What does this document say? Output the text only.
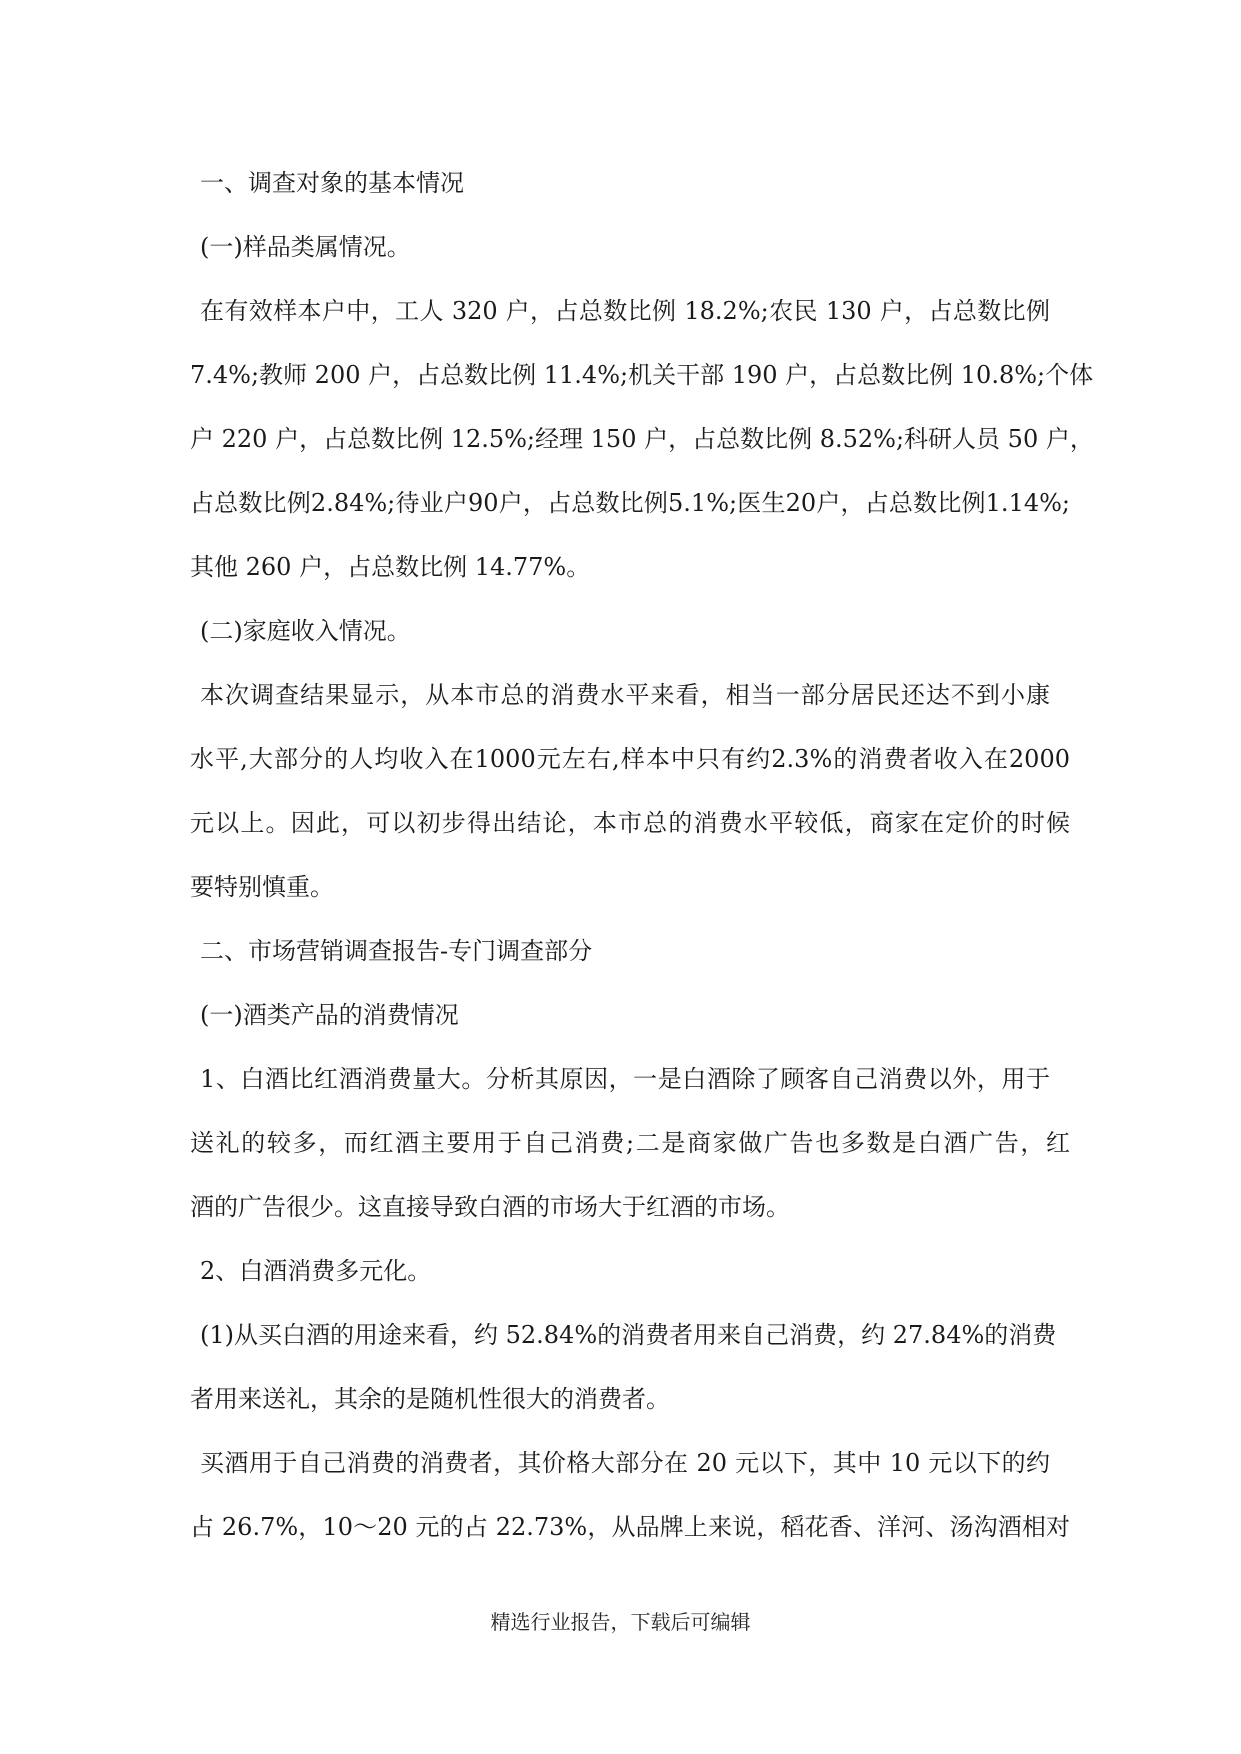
一、调查对象的基本情况
(一)样品类属情况。
在有效样本户中，工人 320 户，占总数比例 18.2%;农民 130 户，占总数比例
7.4%;教师 200 户，占总数比例 11.4%;机关干部 190 户，占总数比例 10.8%;个体
户 220 户，占总数比例 12.5%;经理 150 户，占总数比例 8.52%;科研人员 50 户，
占总数比例2.84%;待业户90户，占总数比例5.1%;医生20户，占总数比例1.14%;
其他 260 户，占总数比例 14.77%。
(二)家庭收入情况。
本次调查结果显示，从本市总的消费水平来看，相当一部分居民还达不到小康
水平,大部分的人均收入在1000元左右,样本中只有约2.3%的消费者收入在2000
元以上。因此，可以初步得出结论，本市总的消费水平较低，商家在定价的时候
要特别慎重。
二、市场营销调查报告-专门调查部分
(一)酒类产品的消费情况
1、白酒比红酒消费量大。分析其原因，一是白酒除了顾客自己消费以外，用于
送礼的较多，而红酒主要用于自己消费;二是商家做广告也多数是白酒广告，红
酒的广告很少。这直接导致白酒的市场大于红酒的市场。
2、白酒消费多元化。
(1)从买白酒的用途来看，约 52.84%的消费者用来自己消费，约 27.84%的消费
者用来送礼，其余的是随机性很大的消费者。
买酒用于自己消费的消费者，其价格大部分在 20 元以下，其中 10 元以下的约
占 26.7%，10～20 元的占 22.73%，从品牌上来说，稻花香、洋河、汤沟酒相对
精选行业报告，下载后可编辑
